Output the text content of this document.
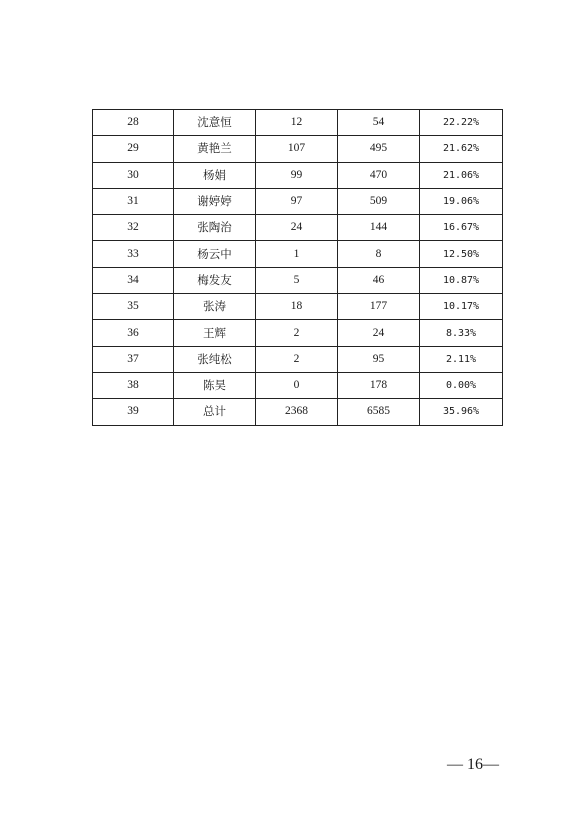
28	沈意恒	12	54	22.22%
29	黄艳兰	107	495	21.62%
30	杨娟	99	470	21.06%
31	谢婷婷	97	509	19.06%
32	张陶治	24	144	16.67%
33	杨云中	1	8	12.50%
34	梅发友	5	46	10.87%
35	张涛	18	177	10.17%
36	王辉	2	24	8.33%
37	张纯松	2	95	2.11%
38	陈昊	0	178	0.00%
39	总计	2368	6585	35.96%
— 16—
